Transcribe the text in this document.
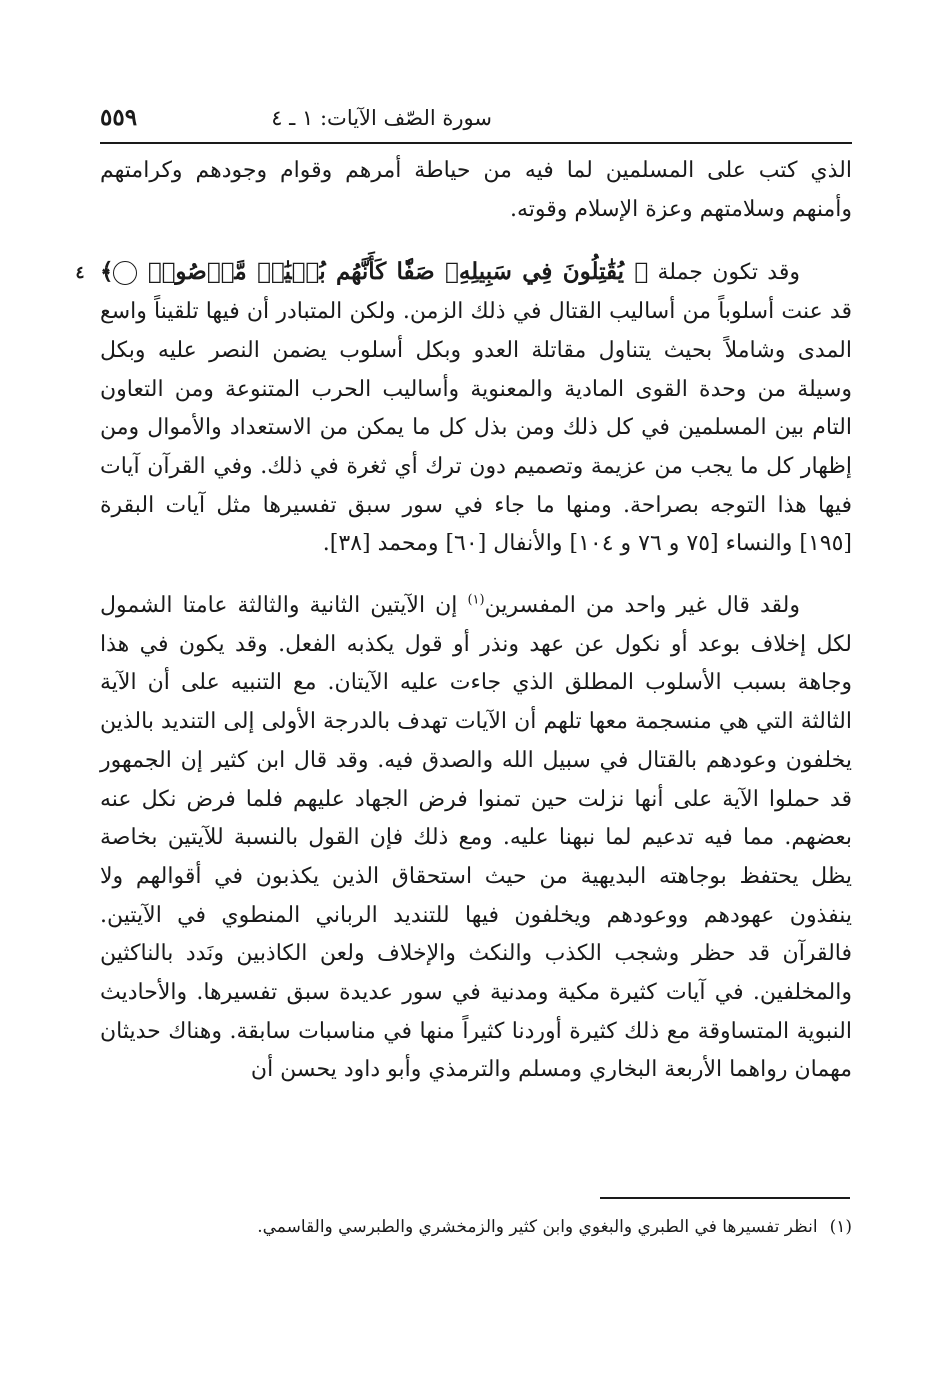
سورة الصّف الآيات: ١ ـ ٤
٥٥٩

الذي كتب على المسلمين لما فيه من حياطة أمرهم وقوام وجودهم وكرامتهم وأمنهم وسلامتهم وعزة الإسلام وقوته.

وقد تكون جملة ﴿ يُقَٰتِلُونَ فِي سَبِيلِهِۦ صَفّٗا كَأَنَّهُم بُنۡيَٰنٞ مَّرۡصُوصٞ ٤ ﴾ قد عنت أسلوباً من أساليب القتال في ذلك الزمن. ولكن المتبادر أن فيها تلقيناً واسع المدى وشاملاً بحيث يتناول مقاتلة العدو وبكل أسلوب يضمن النصر عليه وبكل وسيلة من وحدة القوى المادية والمعنوية وأساليب الحرب المتنوعة ومن التعاون التام بين المسلمين في كل ذلك ومن بذل كل ما يمكن من الاستعداد والأموال ومن إظهار كل ما يجب من عزيمة وتصميم دون ترك أي ثغرة في ذلك. وفي القرآن آيات فيها هذا التوجه بصراحة. ومنها ما جاء في سور سبق تفسيرها مثل آيات البقرة [١٩٥] والنساء [٧٥ و ٧٦ و ١٠٤] والأنفال [٦٠] ومحمد [٣٨].

ولقد قال غير واحد من المفسرين$^{(١)}$ إن الآيتين الثانية والثالثة عامتا الشمول لكل إخلاف بوعد أو نكول عن عهد ونذر أو قول يكذبه الفعل. وقد يكون في هذا وجاهة بسبب الأسلوب المطلق الذي جاءت عليه الآيتان. مع التنبيه على أن الآية الثالثة التي هي منسجمة معها تلهم أن الآيات تهدف بالدرجة الأولى إلى التنديد بالذين يخلفون وعودهم بالقتال في سبيل الله والصدق فيه. وقد قال ابن كثير إن الجمهور قد حملوا الآية على أنها نزلت حين تمنوا فرض الجهاد عليهم فلما فرض نكل عنه بعضهم. مما فيه تدعيم لما نبهنا عليه. ومع ذلك فإن القول بالنسبة للآيتين بخاصة يظل يحتفظ بوجاهته البديهية من حيث استحقاق الذين يكذبون في أقوالهم ولا ينفذون عهودهم ووعودهم ويخلفون فيها للتنديد الرباني المنطوي في الآيتين. فالقرآن قد حظر وشجب الكذب والنكث والإخلاف ولعن الكاذبين ونَدد بالناكثين والمخلفين. في آيات كثيرة مكية ومدنية في سور عديدة سبق تفسيرها. والأحاديث النبوية المتساوقة مع ذلك كثيرة أوردنا كثيراً منها في مناسبات سابقة. وهناك حديثان مهمان رواهما الأربعة البخاري ومسلم والترمذي وأبو داود يحسن أن

(١)انظر تفسيرها في الطبري والبغوي وابن كثير والزمخشري والطبرسي والقاسمي.
